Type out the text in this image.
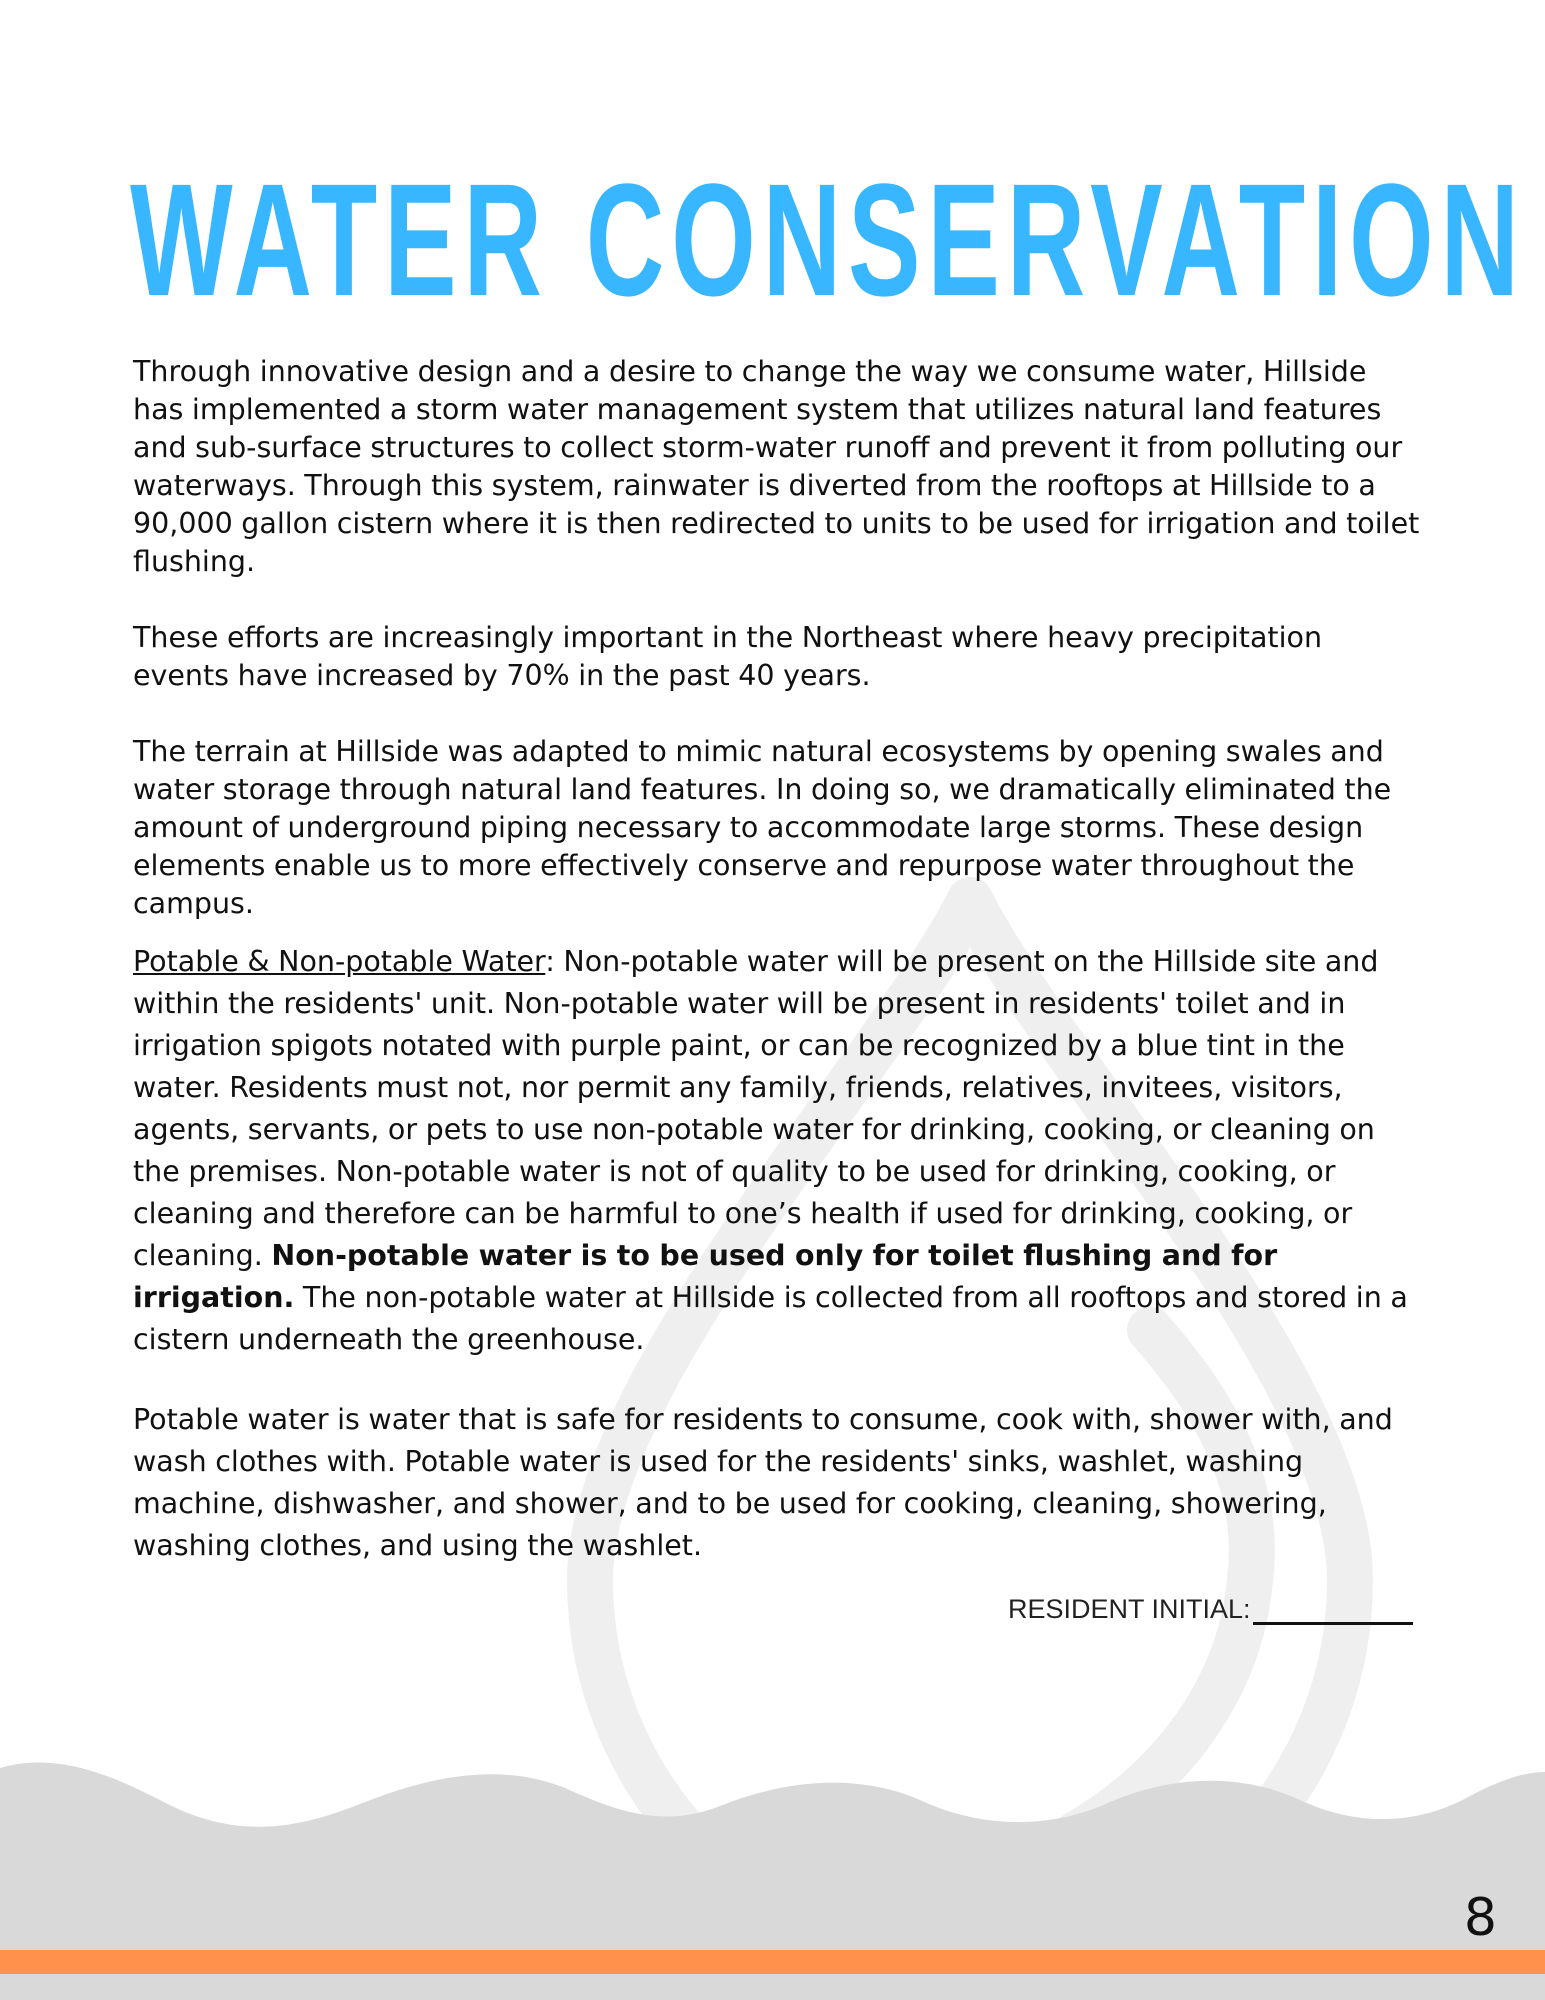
WATER CONSERVATION

Through innovative design and a desire to change the way we consume water, Hillside has implemented a storm water management system that utilizes natural land features and sub-surface structures to collect storm-water runoff and prevent it from polluting our waterways. Through this system, rainwater is diverted from the rooftops at Hillside to a 90,000 gallon cistern where it is then redirected to units to be used for irrigation and toilet flushing.

These efforts are increasingly important in the Northeast where heavy precipitation events have increased by 70% in the past 40 years.

The terrain at Hillside was adapted to mimic natural ecosystems by opening swales and water storage through natural land features. In doing so, we dramatically eliminated the amount of underground piping necessary to accommodate large storms. These design elements enable us to more effectively conserve and repurpose water throughout the campus.

Potable & Non-potable Water: Non-potable water will be present on the Hillside site and within the residents' unit. Non-potable water will be present in residents' toilet and in irrigation spigots notated with purple paint, or can be recognized by a blue tint in the water. Residents must not, nor permit any family, friends, relatives, invitees, visitors, agents, servants, or pets to use non-potable water for drinking, cooking, or cleaning on the premises. Non-potable water is not of quality to be used for drinking, cooking, or cleaning and therefore can be harmful to one’s health if used for drinking, cooking, or cleaning. Non-potable water is to be used only for toilet flushing and for irrigation. The non-potable water at Hillside is collected from all rooftops and stored in a cistern underneath the greenhouse.

Potable water is water that is safe for residents to consume, cook with, shower with, and wash clothes with. Potable water is used for the residents' sinks, washlet, washing machine, dishwasher, and shower, and to be used for cooking, cleaning, showering, washing clothes, and using the washlet.

RESIDENT INITIAL:
8
